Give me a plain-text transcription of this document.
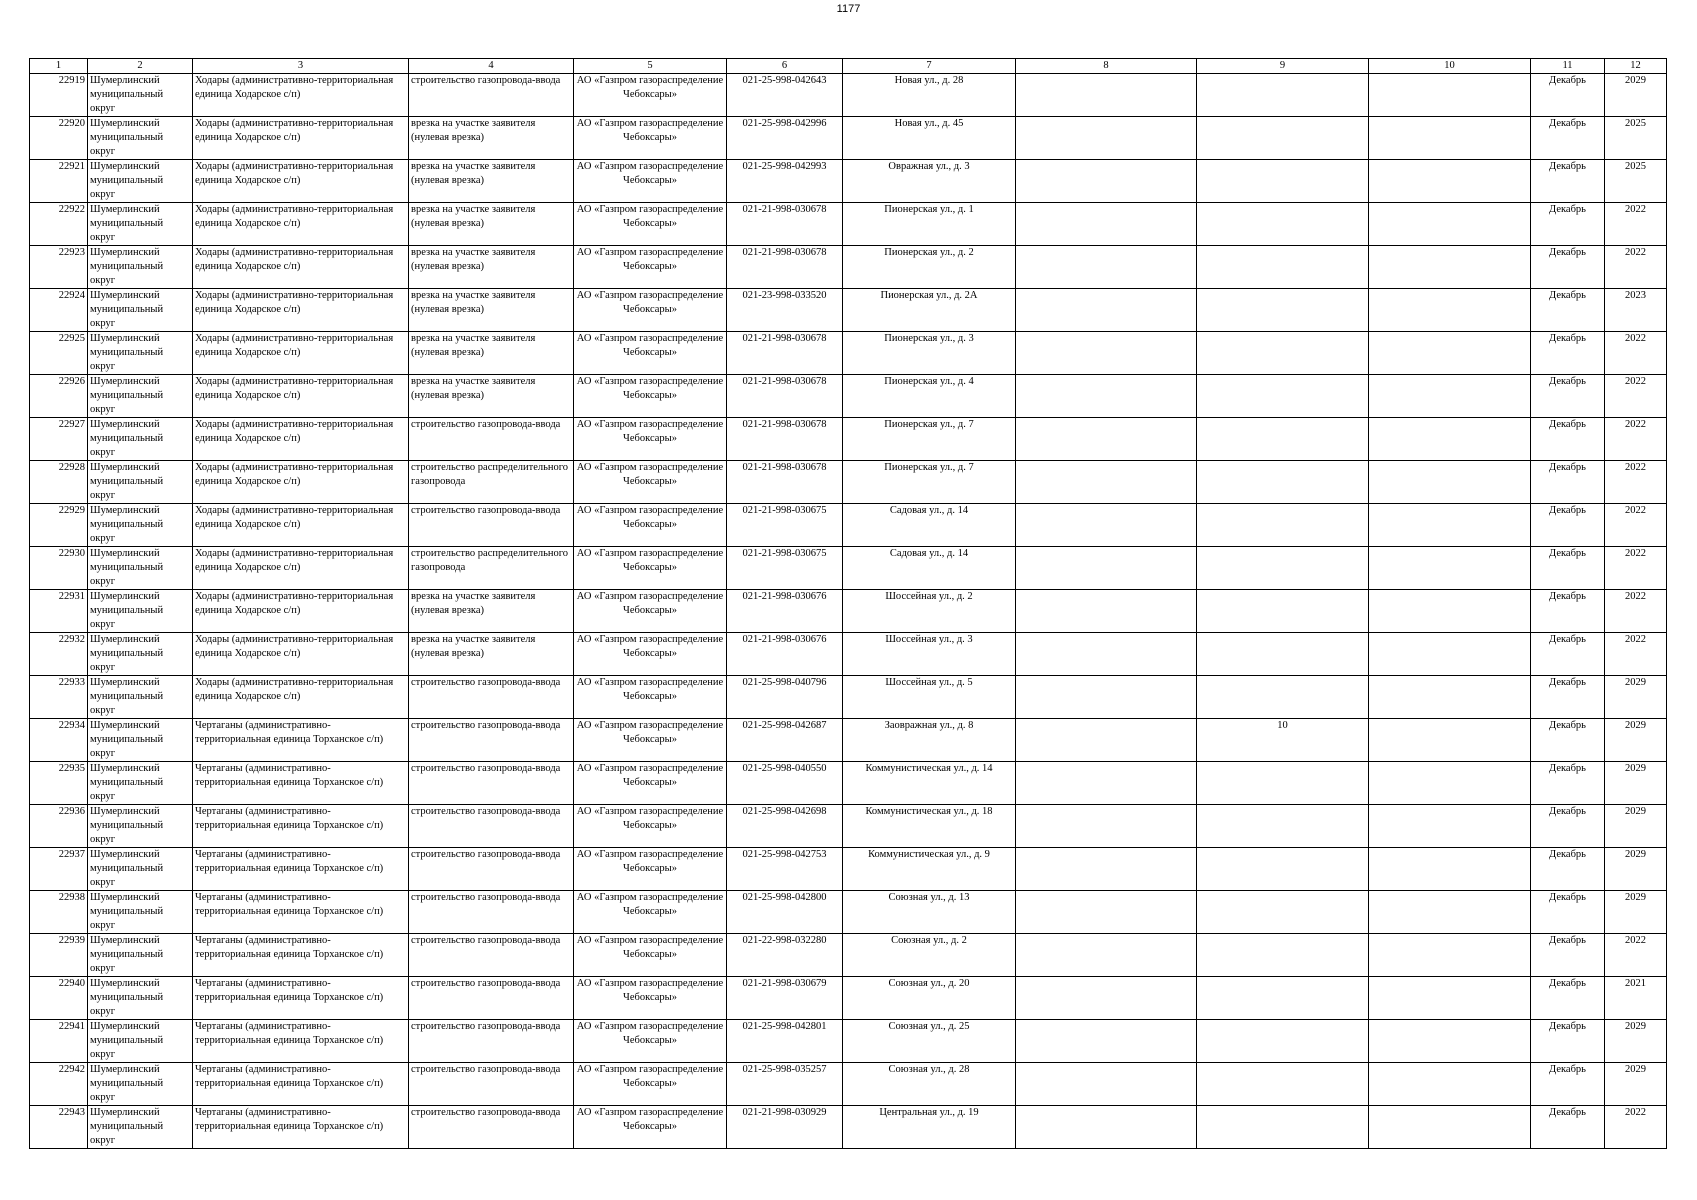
1177
1	2	3	4	5	6	7	8	9	10	11	12
22919	Шумерлинский муниципальный округ	Ходары (административно-территориальная единица Ходарское с/п)	строительство газопровода-ввода	АО «Газпром газораспределение Чебоксары»	021-25-998-042643	Новая ул., д. 28				Декабрь	2029
22920	Шумерлинский муниципальный округ	Ходары (административно-территориальная единица Ходарское с/п)	врезка на участке заявителя (нулевая врезка)	АО «Газпром газораспределение Чебоксары»	021-25-998-042996	Новая ул., д. 45				Декабрь	2025
22921	Шумерлинский муниципальный округ	Ходары (административно-территориальная единица Ходарское с/п)	врезка на участке заявителя (нулевая врезка)	АО «Газпром газораспределение Чебоксары»	021-25-998-042993	Овражная ул., д. 3				Декабрь	2025
22922	Шумерлинский муниципальный округ	Ходары (административно-территориальная единица Ходарское с/п)	врезка на участке заявителя (нулевая врезка)	АО «Газпром газораспределение Чебоксары»	021-21-998-030678	Пионерская ул., д. 1				Декабрь	2022
22923	Шумерлинский муниципальный округ	Ходары (административно-территориальная единица Ходарское с/п)	врезка на участке заявителя (нулевая врезка)	АО «Газпром газораспределение Чебоксары»	021-21-998-030678	Пионерская ул., д. 2				Декабрь	2022
22924	Шумерлинский муниципальный округ	Ходары (административно-территориальная единица Ходарское с/п)	врезка на участке заявителя (нулевая врезка)	АО «Газпром газораспределение Чебоксары»	021-23-998-033520	Пионерская ул., д. 2А				Декабрь	2023
22925	Шумерлинский муниципальный округ	Ходары (административно-территориальная единица Ходарское с/п)	врезка на участке заявителя (нулевая врезка)	АО «Газпром газораспределение Чебоксары»	021-21-998-030678	Пионерская ул., д. 3				Декабрь	2022
22926	Шумерлинский муниципальный округ	Ходары (административно-территориальная единица Ходарское с/п)	врезка на участке заявителя (нулевая врезка)	АО «Газпром газораспределение Чебоксары»	021-21-998-030678	Пионерская ул., д. 4				Декабрь	2022
22927	Шумерлинский муниципальный округ	Ходары (административно-территориальная единица Ходарское с/п)	строительство газопровода-ввода	АО «Газпром газораспределение Чебоксары»	021-21-998-030678	Пионерская ул., д. 7				Декабрь	2022
22928	Шумерлинский муниципальный округ	Ходары (административно-территориальная единица Ходарское с/п)	строительство распределительного газопровода	АО «Газпром газораспределение Чебоксары»	021-21-998-030678	Пионерская ул., д. 7				Декабрь	2022
22929	Шумерлинский муниципальный округ	Ходары (административно-территориальная единица Ходарское с/п)	строительство газопровода-ввода	АО «Газпром газораспределение Чебоксары»	021-21-998-030675	Садовая ул., д. 14				Декабрь	2022
22930	Шумерлинский муниципальный округ	Ходары (административно-территориальная единица Ходарское с/п)	строительство распределительного газопровода	АО «Газпром газораспределение Чебоксары»	021-21-998-030675	Садовая ул., д. 14				Декабрь	2022
22931	Шумерлинский муниципальный округ	Ходары (административно-территориальная единица Ходарское с/п)	врезка на участке заявителя (нулевая врезка)	АО «Газпром газораспределение Чебоксары»	021-21-998-030676	Шоссейная ул., д. 2				Декабрь	2022
22932	Шумерлинский муниципальный округ	Ходары (административно-территориальная единица Ходарское с/п)	врезка на участке заявителя (нулевая врезка)	АО «Газпром газораспределение Чебоксары»	021-21-998-030676	Шоссейная ул., д. 3				Декабрь	2022
22933	Шумерлинский муниципальный округ	Ходары (административно-территориальная единица Ходарское с/п)	строительство газопровода-ввода	АО «Газпром газораспределение Чебоксары»	021-25-998-040796	Шоссейная ул., д. 5				Декабрь	2029
22934	Шумерлинский муниципальный округ	Чертаганы (административно-территориальная единица Торханское с/п)	строительство газопровода-ввода	АО «Газпром газораспределение Чебоксары»	021-25-998-042687	Заовражная ул., д. 8		10		Декабрь	2029
22935	Шумерлинский муниципальный округ	Чертаганы (административно-территориальная единица Торханское с/п)	строительство газопровода-ввода	АО «Газпром газораспределение Чебоксары»	021-25-998-040550	Коммунистическая ул., д. 14				Декабрь	2029
22936	Шумерлинский муниципальный округ	Чертаганы (административно-территориальная единица Торханское с/п)	строительство газопровода-ввода	АО «Газпром газораспределение Чебоксары»	021-25-998-042698	Коммунистическая ул., д. 18				Декабрь	2029
22937	Шумерлинский муниципальный округ	Чертаганы (административно-территориальная единица Торханское с/п)	строительство газопровода-ввода	АО «Газпром газораспределение Чебоксары»	021-25-998-042753	Коммунистическая ул., д. 9				Декабрь	2029
22938	Шумерлинский муниципальный округ	Чертаганы (административно-территориальная единица Торханское с/п)	строительство газопровода-ввода	АО «Газпром газораспределение Чебоксары»	021-25-998-042800	Союзная ул., д. 13				Декабрь	2029
22939	Шумерлинский муниципальный округ	Чертаганы (административно-территориальная единица Торханское с/п)	строительство газопровода-ввода	АО «Газпром газораспределение Чебоксары»	021-22-998-032280	Союзная ул., д. 2				Декабрь	2022
22940	Шумерлинский муниципальный округ	Чертаганы (административно-территориальная единица Торханское с/п)	строительство газопровода-ввода	АО «Газпром газораспределение Чебоксары»	021-21-998-030679	Союзная ул., д. 20				Декабрь	2021
22941	Шумерлинский муниципальный округ	Чертаганы (административно-территориальная единица Торханское с/п)	строительство газопровода-ввода	АО «Газпром газораспределение Чебоксары»	021-25-998-042801	Союзная ул., д. 25				Декабрь	2029
22942	Шумерлинский муниципальный округ	Чертаганы (административно-территориальная единица Торханское с/п)	строительство газопровода-ввода	АО «Газпром газораспределение Чебоксары»	021-25-998-035257	Союзная ул., д. 28				Декабрь	2029
22943	Шумерлинский муниципальный округ	Чертаганы (административно-территориальная единица Торханское с/п)	строительство газопровода-ввода	АО «Газпром газораспределение Чебоксары»	021-21-998-030929	Центральная ул., д. 19				Декабрь	2022
